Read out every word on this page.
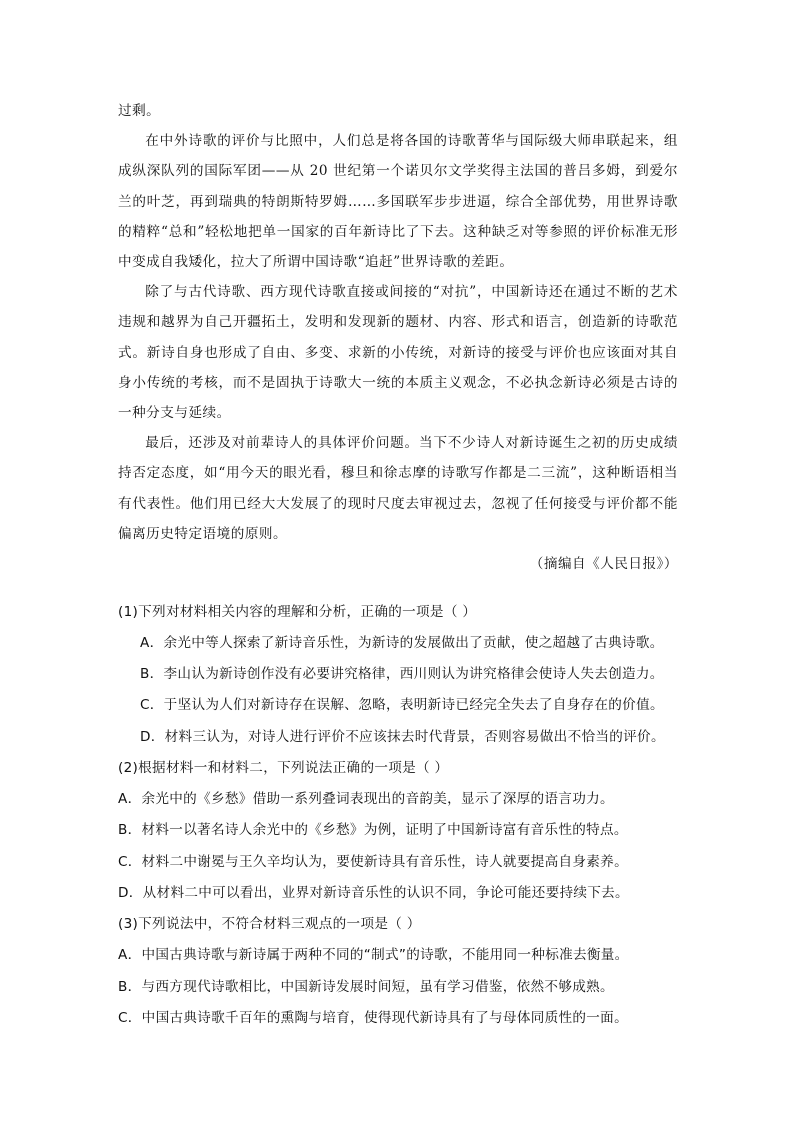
过剩。

在中外诗歌的评价与比照中，人们总是将各国的诗歌菁华与国际级大师串联起来，组成纵深队列的国际军团——从 20 世纪第一个诺贝尔文学奖得主法国的普吕多姆，到爱尔兰的叶芝，再到瑞典的特朗斯特罗姆……多国联军步步进逼，综合全部优势，用世界诗歌的精粹“总和”轻松地把单一国家的百年新诗比了下去。这种缺乏对等参照的评价标准无形中变成自我矮化，拉大了所谓中国诗歌“追赶”世界诗歌的差距。

除了与古代诗歌、西方现代诗歌直接或间接的“对抗”，中国新诗还在通过不断的艺术违规和越界为自己开疆拓土，发明和发现新的题材、内容、形式和语言，创造新的诗歌范式。新诗自身也形成了自由、多变、求新的小传统，对新诗的接受与评价也应该面对其自身小传统的考核，而不是固执于诗歌大一统的本质主义观念，不必执念新诗必须是古诗的一种分支与延续。

最后，还涉及对前辈诗人的具体评价问题。当下不少诗人对新诗诞生之初的历史成绩持否定态度，如“用今天的眼光看，穆旦和徐志摩的诗歌写作都是二三流”，这种断语相当有代表性。他们用已经大大发展了的现时尺度去审视过去，忽视了任何接受与评价都不能偏离历史特定语境的原则。

（摘编自《人民日报》）

(1)下列对材料相关内容的理解和分析，正确的一项是（ ）
A．余光中等人探索了新诗音乐性，为新诗的发展做出了贡献，使之超越了古典诗歌。
B．李山认为新诗创作没有必要讲究格律，西川则认为讲究格律会使诗人失去创造力。
C．于坚认为人们对新诗存在误解、忽略，表明新诗已经完全失去了自身存在的价值。
D．材料三认为，对诗人进行评价不应该抹去时代背景，否则容易做出不恰当的评价。
(2)根据材料一和材料二，下列说法正确的一项是（ ）
A．余光中的《乡愁》借助一系列叠词表现出的音韵美，显示了深厚的语言功力。
B．材料一以著名诗人余光中的《乡愁》为例，证明了中国新诗富有音乐性的特点。
C．材料二中谢冕与王久辛均认为，要使新诗具有音乐性，诗人就要提高自身素养。
D．从材料二中可以看出，业界对新诗音乐性的认识不同，争论可能还要持续下去。
(3)下列说法中，不符合材料三观点的一项是（ ）
A．中国古典诗歌与新诗属于两种不同的“制式”的诗歌，不能用同一种标准去衡量。
B．与西方现代诗歌相比，中国新诗发展时间短，虽有学习借鉴，依然不够成熟。
C．中国古典诗歌千百年的熏陶与培育，使得现代新诗具有了与母体同质性的一面。
